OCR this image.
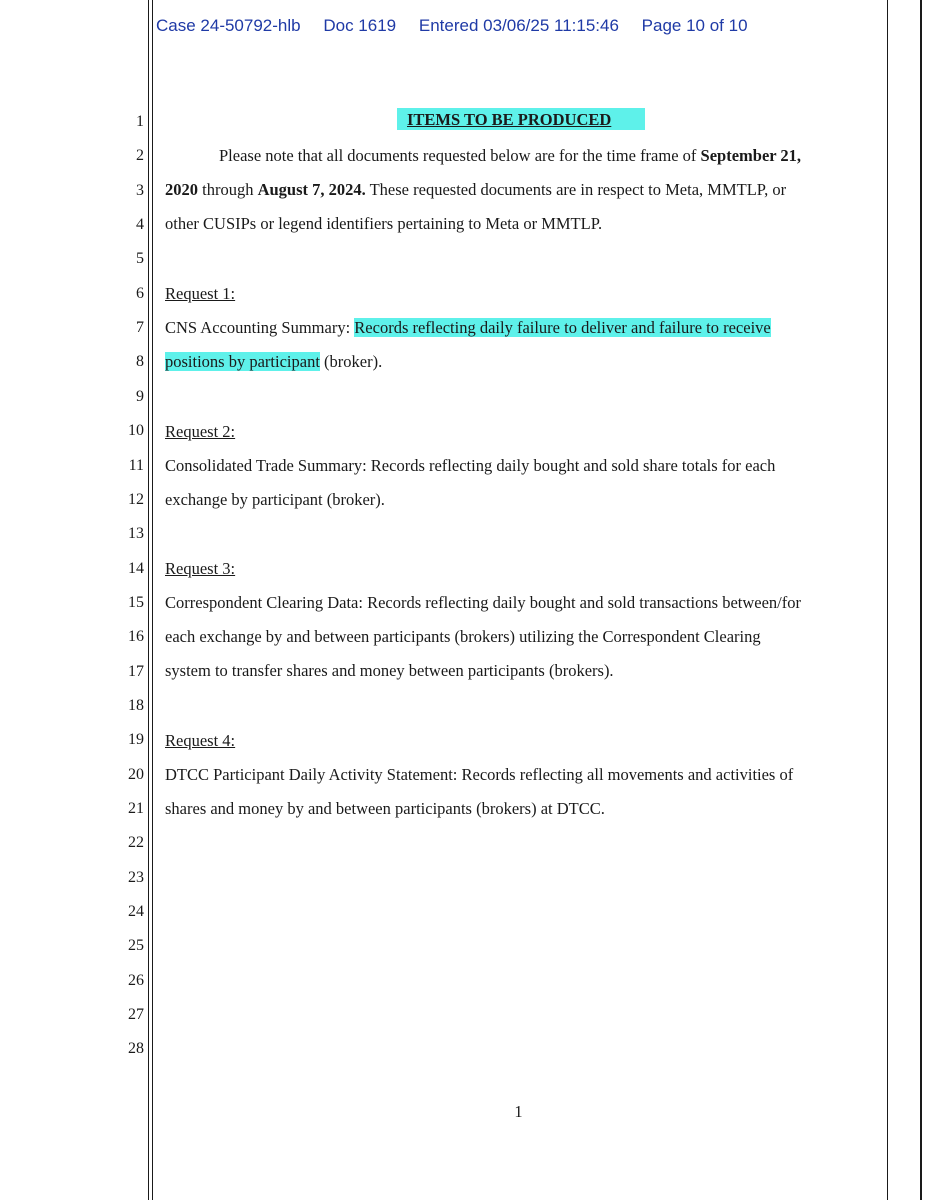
Case 24-50792-hlb Doc 1619 Entered 03/06/25 11:15:46 Page 10 of 10
1
2
3
4
5
6
7
8
9
10
11
12
13
14
15
16
17
18
19
20
21
22
23
24
25
26
27
28
ITEMS TO BE PRODUCED
Please note that all documents requested below are for the time frame of September 21,
2020 through August 7, 2024. These requested documents are in respect to Meta, MMTLP, or
other CUSIPs or legend identifiers pertaining to Meta or MMTLP.
Request 1:
CNS Accounting Summary: Records reflecting daily failure to deliver and failure to receive
positions by participant (broker).
Request 2:
Consolidated Trade Summary: Records reflecting daily bought and sold share totals for each
exchange by participant (broker).
Request 3:
Correspondent Clearing Data: Records reflecting daily bought and sold transactions between/for
each exchange by and between participants (brokers) utilizing the Correspondent Clearing
system to transfer shares and money between participants (brokers).
Request 4:
DTCC Participant Daily Activity Statement: Records reflecting all movements and activities of
shares and money by and between participants (brokers) at DTCC.
1
